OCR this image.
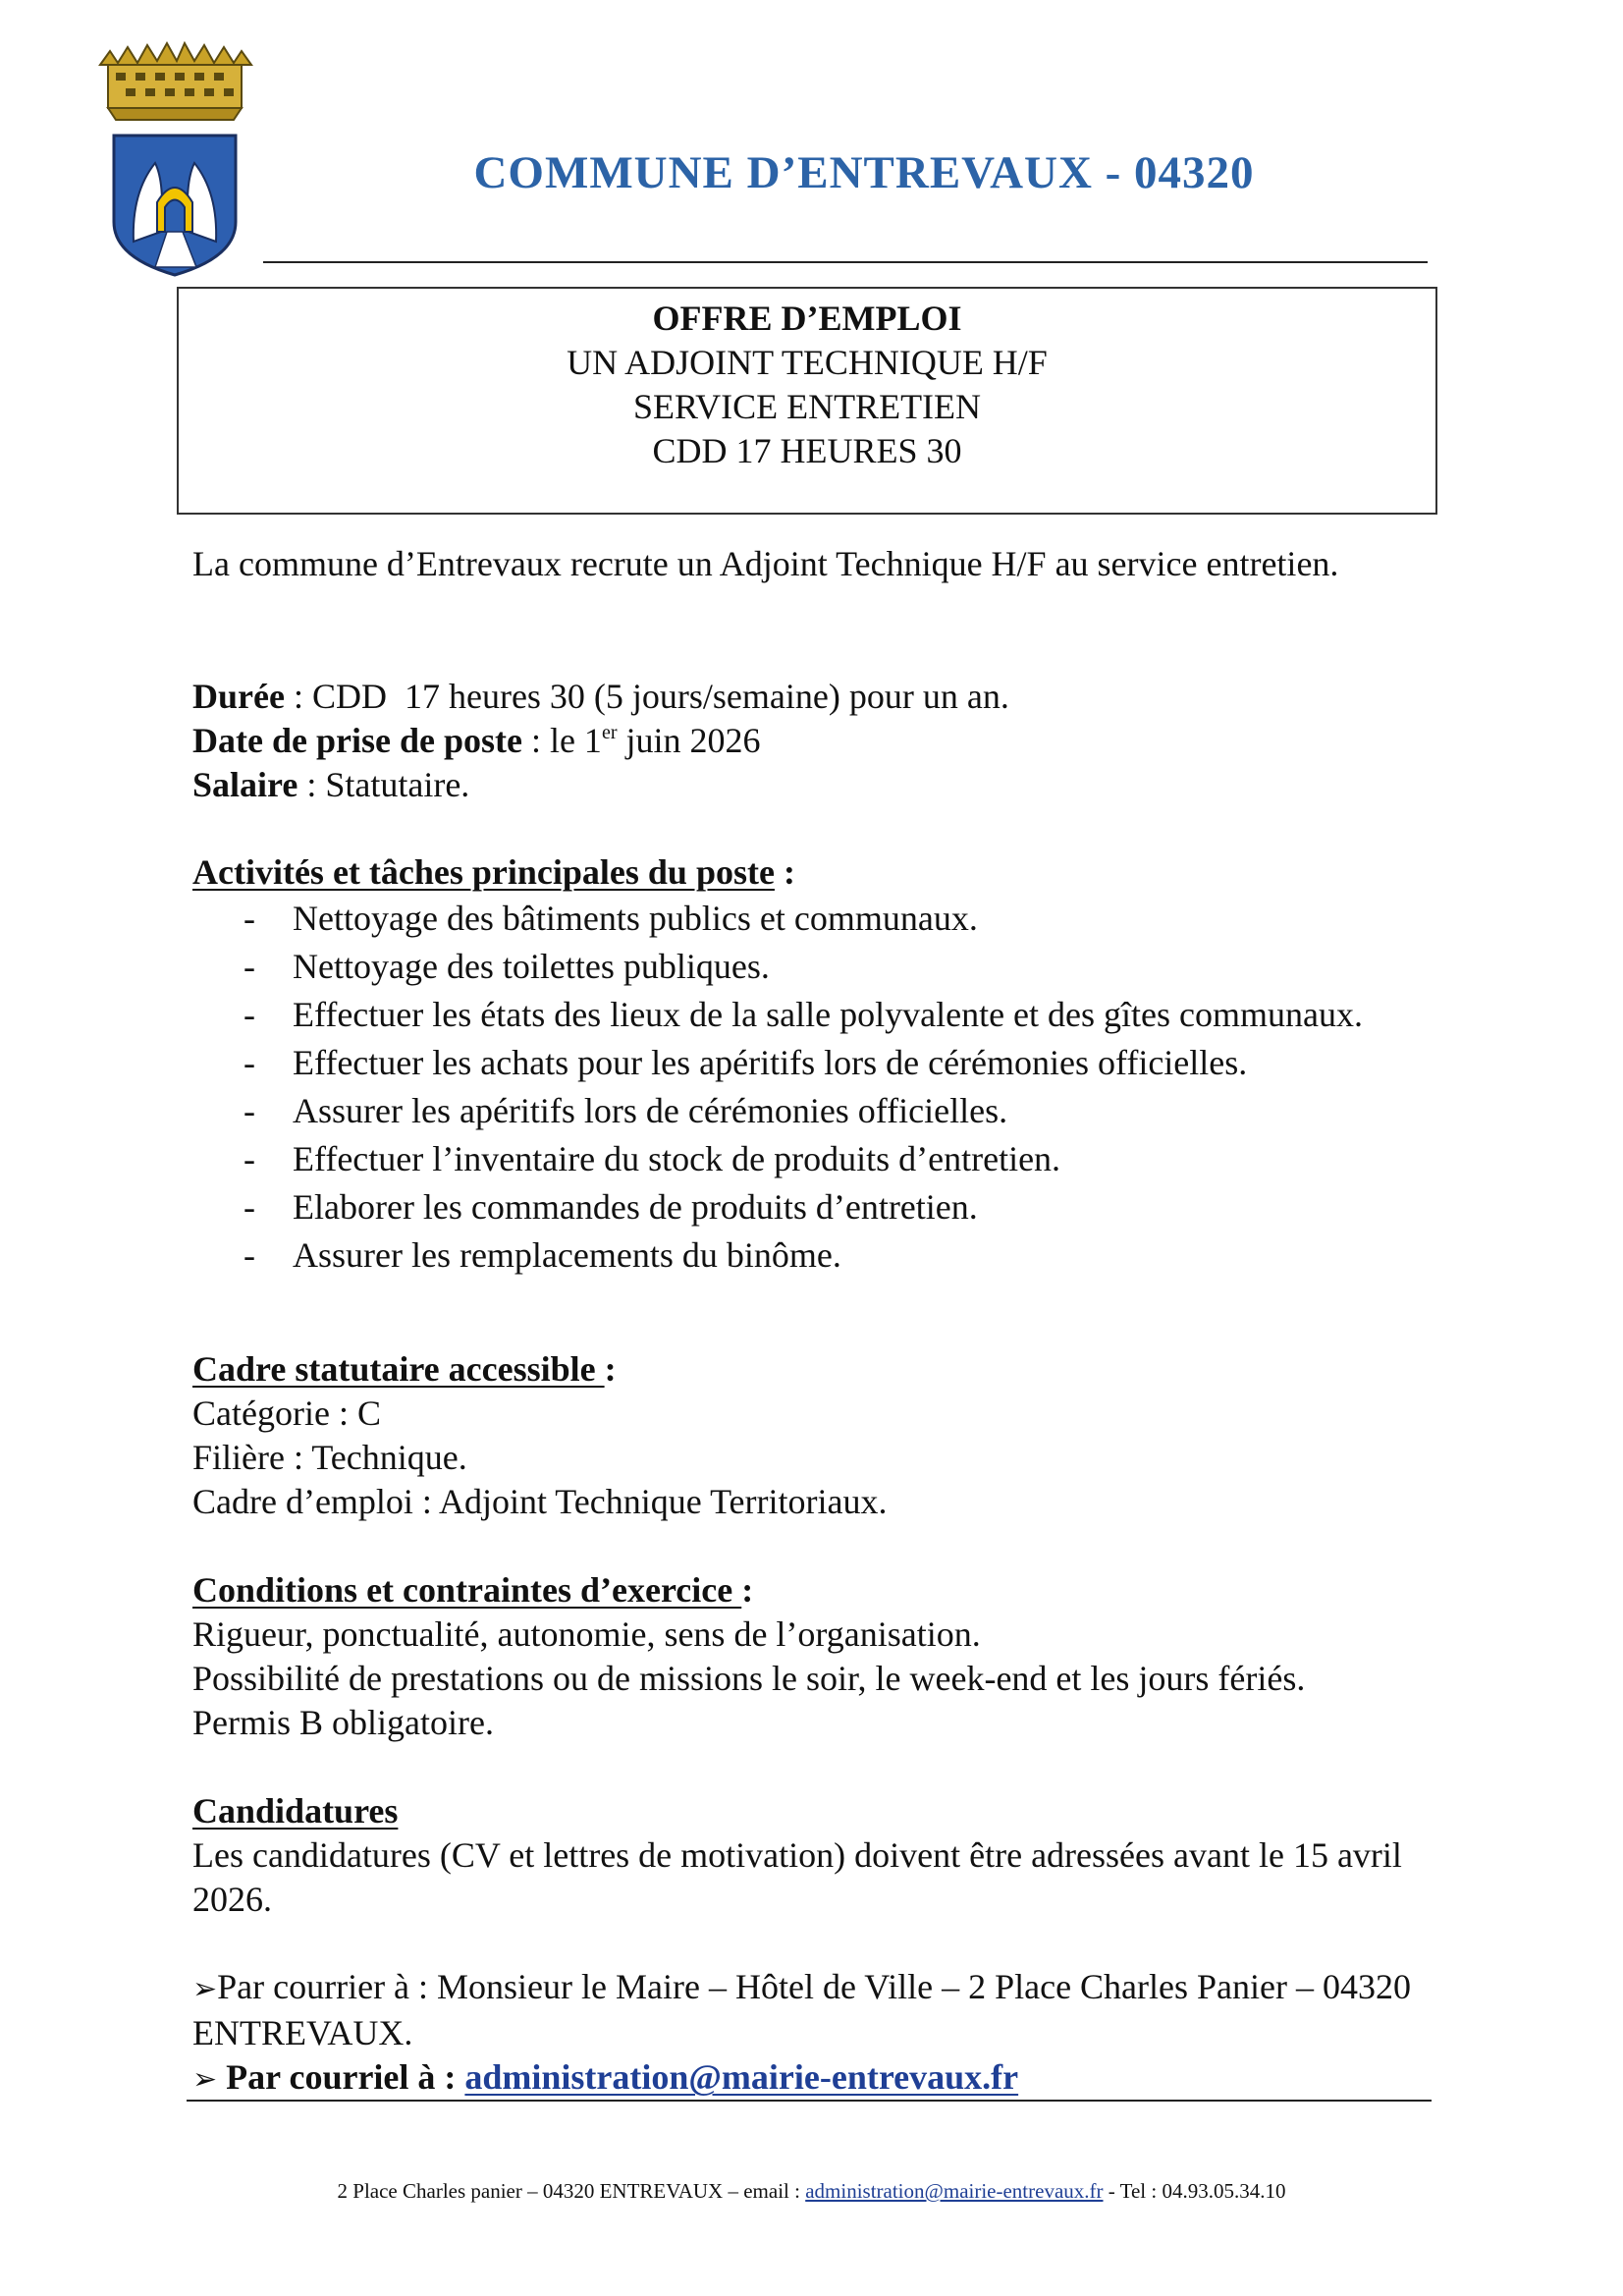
COMMUNE D’ENTREVAUX - 04320
OFFRE D’EMPLOI
UN ADJOINT TECHNIQUE H/F
SERVICE ENTRETIEN
CDD 17 HEURES 30
La commune d’Entrevaux recrute un Adjoint Technique H/F au service entretien.
Durée : CDD  17 heures 30 (5 jours/semaine) pour un an.
Date de prise de poste : le 1er juin 2026
Salaire : Statutaire.
Activités et tâches principales du poste :
- Nettoyage des bâtiments publics et communaux.
- Nettoyage des toilettes publiques.
- Effectuer les états des lieux de la salle polyvalente et des gîtes communaux.
- Effectuer les achats pour les apéritifs lors de cérémonies officielles.
- Assurer les apéritifs lors de cérémonies officielles.
- Effectuer l’inventaire du stock de produits d’entretien.
- Elaborer les commandes de produits d’entretien.
- Assurer les remplacements du binôme.
Cadre statutaire accessible :
Catégorie : C
Filière : Technique.
Cadre d’emploi : Adjoint Technique Territoriaux.
Conditions et contraintes d’exercice :
Rigueur, ponctualité, autonomie, sens de l’organisation.
Possibilité de prestations ou de missions le soir, le week-end et les jours fériés.
Permis B obligatoire.
Candidatures
Les candidatures (CV et lettres de motivation) doivent être adressées avant le 15 avril 2026.
➢Par courrier à : Monsieur le Maire – Hôtel de Ville – 2 Place Charles Panier – 04320 ENTREVAUX.
➢ Par courriel à : administration@mairie-entrevaux.fr
2 Place Charles panier – 04320 ENTREVAUX – email : administration@mairie-entrevaux.fr - Tel : 04.93.05.34.10
